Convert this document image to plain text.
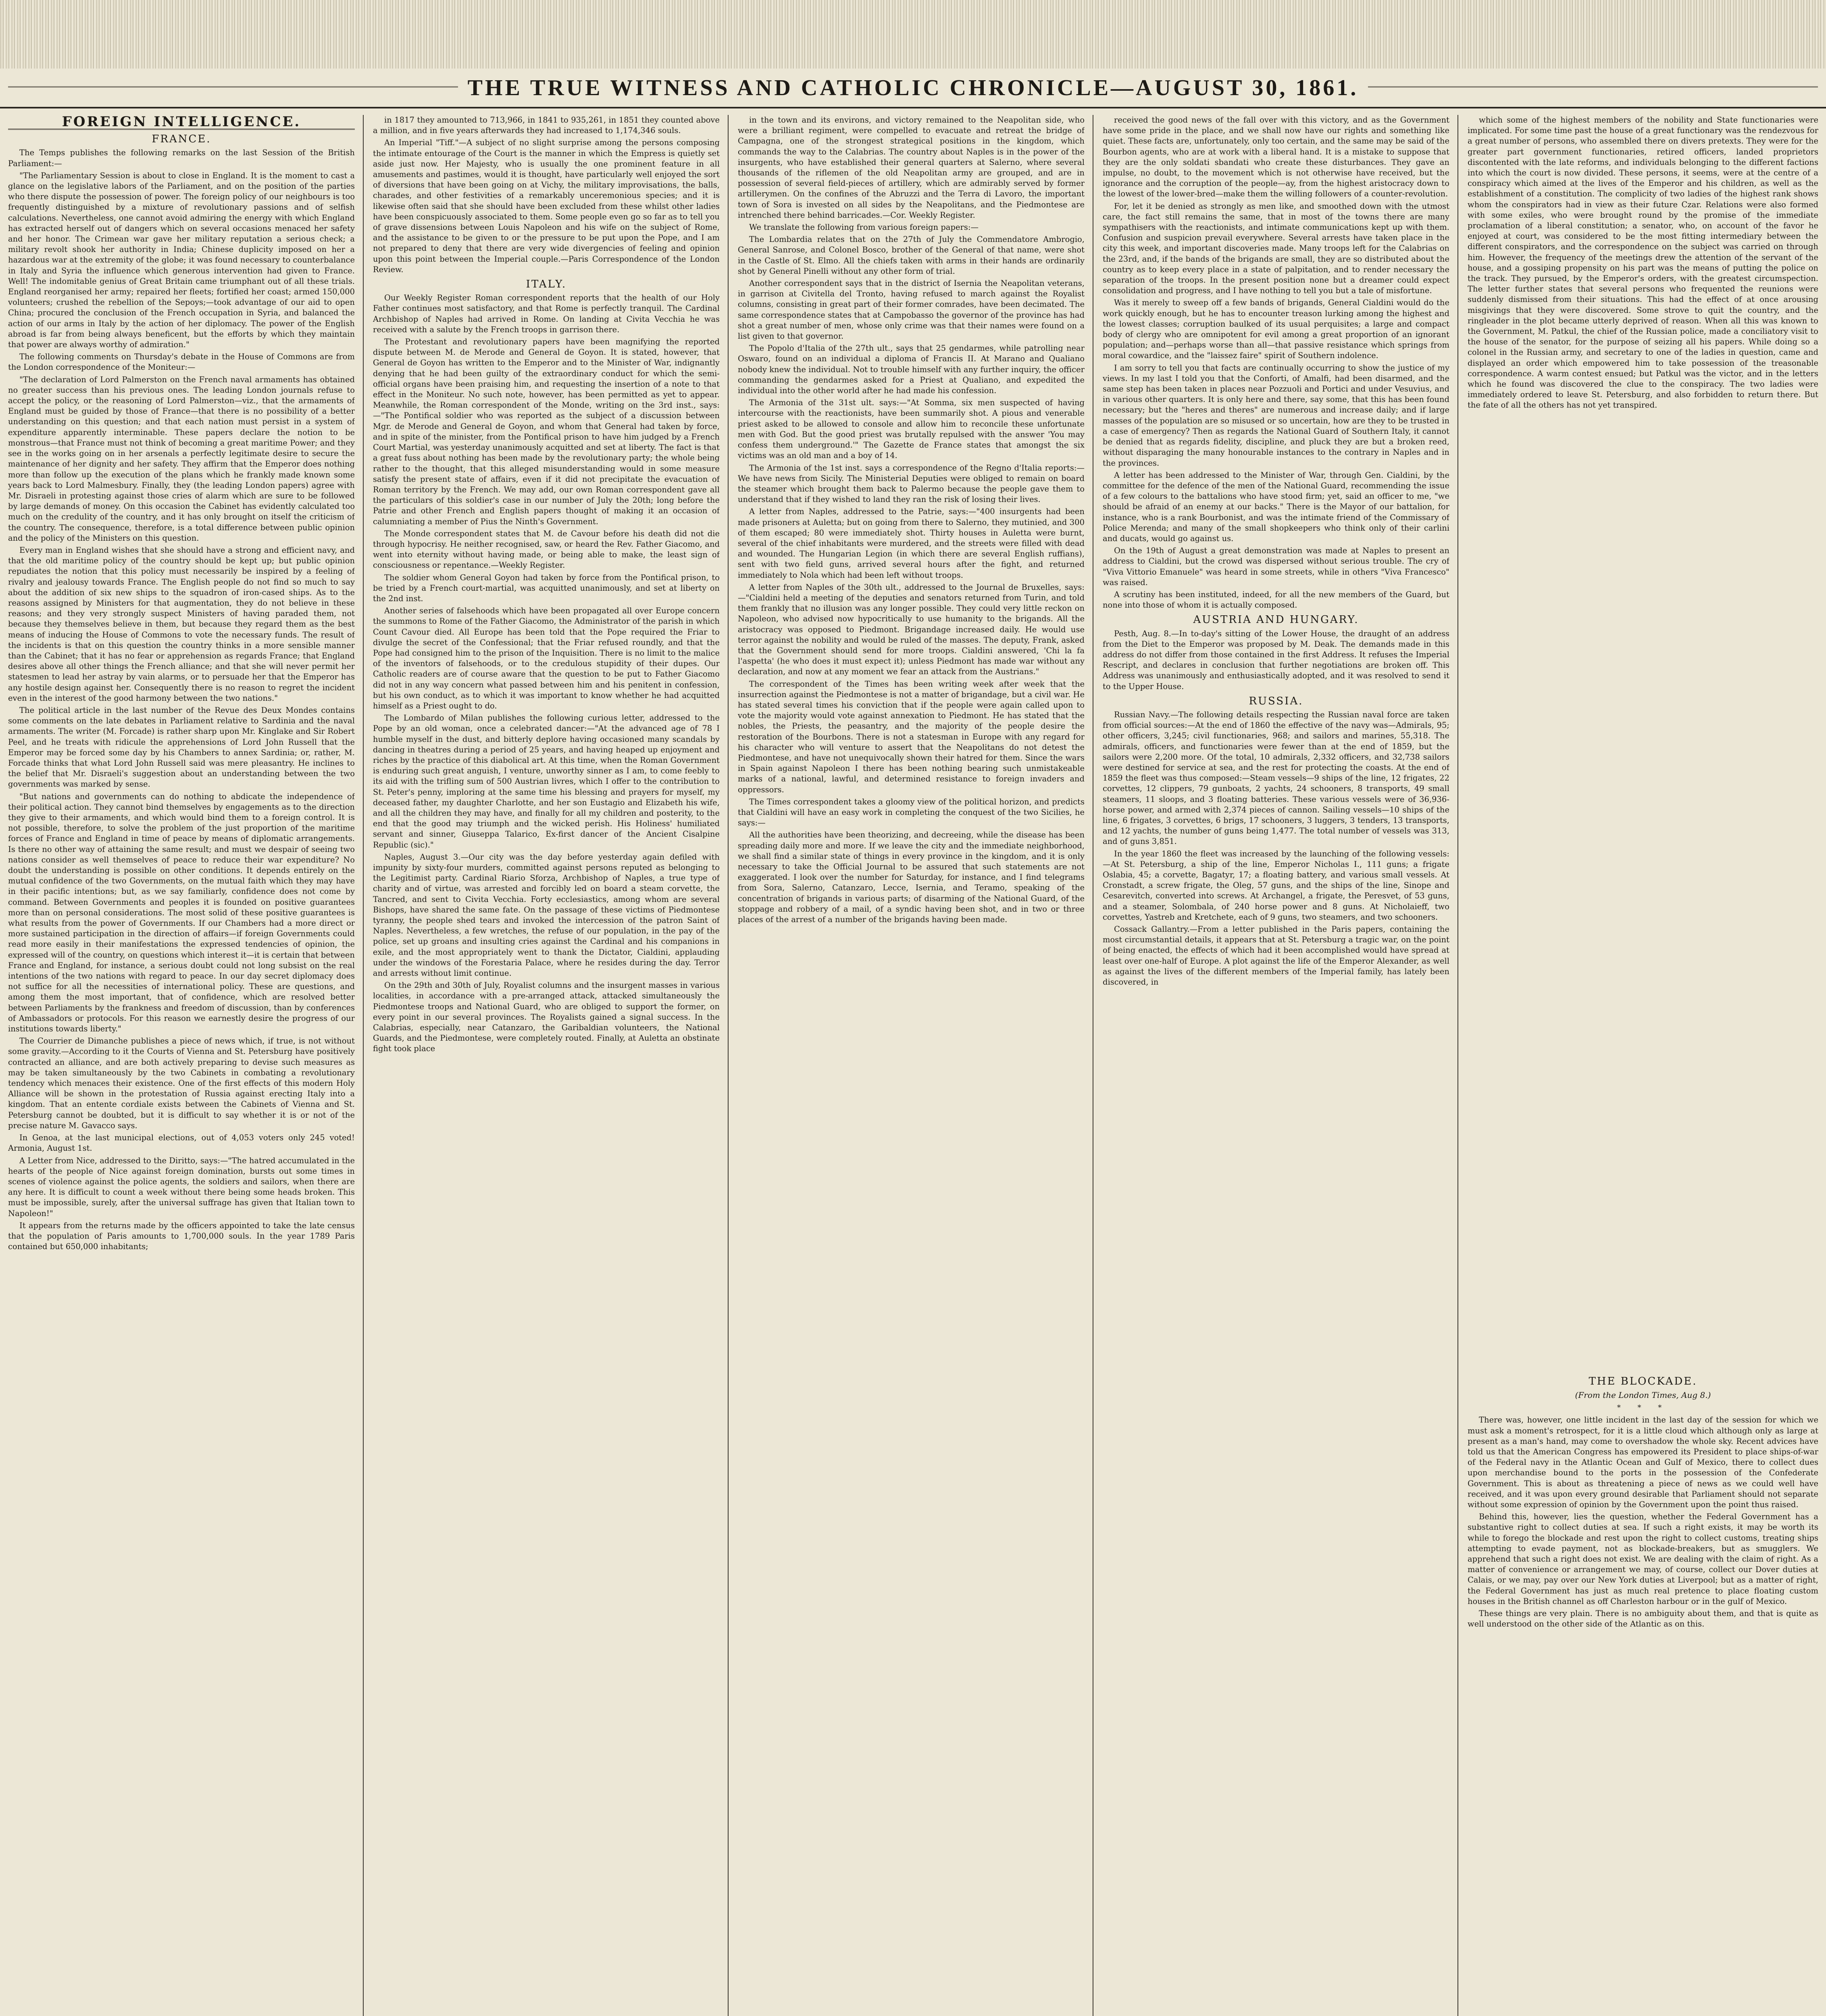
THE TRUE WITNESS AND CATHOLIC CHRONICLE—AUGUST 30, 1861.
FOREIGN INTELLIGENCE.
FRANCE.

The Temps publishes the following remarks on the last Session of the British Parliament:—

"The Parliamentary Session is about to close in England. It is the moment to cast a glance on the legislative labors of the Parliament, and on the position of the parties who there dispute the possession of power. The foreign policy of our neighbours is too frequently distinguished by a mixture of revolutionary passions and of selfish calculations. Nevertheless, one cannot avoid admiring the energy with which England has extracted herself out of dangers which on several occasions menaced her safety and her honor. The Crimean war gave her military reputation a serious check; a military revolt shook her authority in India; Chinese duplicity imposed on her a hazardous war at the extremity of the globe; it was found necessary to counterbalance in Italy and Syria the influence which generous intervention had given to France. Well! The indomitable genius of Great Britain came triumphant out of all these trials. England reorganised her army; repaired her fleets; fortified her coast; armed 150,000 volunteers; crushed the rebellion of the Sepoys;—took advantage of our aid to open China; procured the conclusion of the French occupation in Syria, and balanced the action of our arms in Italy by the action of her diplomacy. The power of the English abroad is far from being always beneficent, but the efforts by which they maintain that power are always worthy of admiration."

The following comments on Thursday's debate in the House of Commons are from the London correspondence of the Moniteur:—

"The declaration of Lord Palmerston on the French naval armaments has obtained no greater success than his previous ones. The leading London journals refuse to accept the policy, or the reasoning of Lord Palmerston—viz., that the armaments of England must be guided by those of France—that there is no possibility of a better understanding on this question; and that each nation must persist in a system of expenditure apparently interminable. These papers declare the notion to be monstrous—that France must not think of becoming a great maritime Power; and they see in the works going on in her arsenals a perfectly legitimate desire to secure the maintenance of her dignity and her safety. They affirm that the Emperor does nothing more than follow up the execution of the plans which he frankly made known some years back to Lord Malmesbury. Finally, they (the leading London papers) agree with Mr. Disraeli in protesting against those cries of alarm which are sure to be followed by large demands of money. On this occasion the Cabinet has evidently calculated too much on the credulity of the country, and it has only brought on itself the criticism of the country. The consequence, therefore, is a total difference between public opinion and the policy of the Ministers on this question.

Every man in England wishes that she should have a strong and efficient navy, and that the old maritime policy of the country should be kept up; but public opinion repudiates the notion that this policy must necessarily be inspired by a feeling of rivalry and jealousy towards France. The English people do not find so much to say about the addition of six new ships to the squadron of iron-cased ships. As to the reasons assigned by Ministers for that augmentation, they do not believe in these reasons; and they very strongly suspect Ministers of having paraded them, not because they themselves believe in them, but because they regard them as the best means of inducing the House of Commons to vote the necessary funds. The result of the incidents is that on this question the country thinks in a more sensible manner than the Cabinet; that it has no fear or apprehension as regards France; that England desires above all other things the French alliance; and that she will never permit her statesmen to lead her astray by vain alarms, or to persuade her that the Emperor has any hostile design against her. Consequently there is no reason to regret the incident even in the interest of the good harmony between the two nations."

The political article in the last number of the Revue des Deux Mondes contains some comments on the late debates in Parliament relative to Sardinia and the naval armaments. The writer (M. Forcade) is rather sharp upon Mr. Kinglake and Sir Robert Peel, and he treats with ridicule the apprehensions of Lord John Russell that the Emperor may be forced some day by his Chambers to annex Sardinia; or, rather, M. Forcade thinks that what Lord John Russell said was mere pleasantry. He inclines to the belief that Mr. Disraeli's suggestion about an understanding between the two governments was marked by sense.

"But nations and governments can do nothing to abdicate the independence of their political action. They cannot bind themselves by engagements as to the direction they give to their armaments, and which would bind them to a foreign control. It is not possible, therefore, to solve the problem of the just proportion of the maritime forces of France and England in time of peace by means of diplomatic arrangements. Is there no other way of attaining the same result; and must we despair of seeing two nations consider as well themselves of peace to reduce their war expenditure? No doubt the understanding is possible on other conditions. It depends entirely on the mutual confidence of the two Governments, on the mutual faith which they may have in their pacific intentions; but, as we say familiarly, confidence does not come by command. Between Governments and peoples it is founded on positive guarantees more than on personal considerations. The most solid of these positive guarantees is what results from the power of Governments. If our Chambers had a more direct or more sustained participation in the direction of affairs—if foreign Governments could read more easily in their manifestations the expressed tendencies of opinion, the expressed will of the country, on questions which interest it—it is certain that between France and England, for instance, a serious doubt could not long subsist on the real intentions of the two nations with regard to peace. In our day secret diplomacy does not suffice for all the necessities of international policy. These are questions, and among them the most important, that of confidence, which are resolved better between Parliaments by the frankness and freedom of discussion, than by conferences of Ambassadors or protocols. For this reason we earnestly desire the progress of our institutions towards liberty."

The Courrier de Dimanche publishes a piece of news which, if true, is not without some gravity.—According to it the Courts of Vienna and St. Petersburg have positively contracted an alliance, and are both actively preparing to devise such measures as may be taken simultaneously by the two Cabinets in combating a revolutionary tendency which menaces their existence. One of the first effects of this modern Holy Alliance will be shown in the protestation of Russia against erecting Italy into a kingdom. That an entente cordiale exists between the Cabinets of Vienna and St. Petersburg cannot be doubted, but it is difficult to say whether it is or not of the precise nature M. Gavacco says.

In Genoa, at the last municipal elections, out of 4,053 voters only 245 voted! Armonia, August 1st.

A Letter from Nice, addressed to the Diritto, says:—"The hatred accumulated in the hearts of the people of Nice against foreign domination, bursts out some times in scenes of violence against the police agents, the soldiers and sailors, when there are any here. It is difficult to count a week without there being some heads broken. This must be impossible, surely, after the universal suffrage has given that Italian town to Napoleon!"

It appears from the returns made by the officers appointed to take the late census that the population of Paris amounts to 1,700,000 souls. In the year 1789 Paris contained but 650,000 inhabitants;

in 1817 they amounted to 713,966, in 1841 to 935,261, in 1851 they counted above a million, and in five years afterwards they had increased to 1,174,346 souls.

An Imperial "Tiff."—A subject of no slight surprise among the persons composing the intimate entourage of the Court is the manner in which the Empress is quietly set aside just now. Her Majesty, who is usually the one prominent feature in all amusements and pastimes, would it is thought, have particularly well enjoyed the sort of diversions that have been going on at Vichy, the military improvisations, the balls, charades, and other festivities of a remarkably unceremonious species; and it is likewise often said that she should have been excluded from these whilst other ladies have been conspicuously associated to them. Some people even go so far as to tell you of grave dissensions between Louis Napoleon and his wife on the subject of Rome, and the assistance to be given to or the pressure to be put upon the Pope, and I am not prepared to deny that there are very wide divergencies of feeling and opinion upon this point between the Imperial couple.—Paris Correspondence of the London Review.

ITALY.

Our Weekly Register Roman correspondent reports that the health of our Holy Father continues most satisfactory, and that Rome is perfectly tranquil. The Cardinal Archbishop of Naples had arrived in Rome. On landing at Civita Vecchia he was received with a salute by the French troops in garrison there.

The Protestant and revolutionary papers have been magnifying the reported dispute between M. de Merode and General de Goyon. It is stated, however, that General de Goyon has written to the Emperor and to the Minister of War, indignantly denying that he had been guilty of the extraordinary conduct for which the semi-official organs have been praising him, and requesting the insertion of a note to that effect in the Moniteur. No such note, however, has been permitted as yet to appear. Meanwhile, the Roman correspondent of the Monde, writing on the 3rd inst., says:—"The Pontifical soldier who was reported as the subject of a discussion between Mgr. de Merode and General de Goyon, and whom that General had taken by force, and in spite of the minister, from the Pontifical prison to have him judged by a French Court Martial, was yesterday unanimously acquitted and set at liberty. The fact is that a great fuss about nothing has been made by the revolutionary party; the whole being rather to the thought, that this alleged misunderstanding would in some measure satisfy the present state of affairs, even if it did not precipitate the evacuation of Roman territory by the French. We may add, our own Roman correspondent gave all the particulars of this soldier's case in our number of July the 20th; long before the Patrie and other French and English papers thought of making it an occasion of calumniating a member of Pius the Ninth's Government.

The Monde correspondent states that M. de Cavour before his death did not die through hypocrisy. He neither recognised, saw, or heard the Rev. Father Giacomo, and went into eternity without having made, or being able to make, the least sign of consciousness or repentance.—Weekly Register.

The soldier whom General Goyon had taken by force from the Pontifical prison, to be tried by a French court-martial, was acquitted unanimously, and set at liberty on the 2nd inst.

Another series of falsehoods which have been propagated all over Europe concern the summons to Rome of the Father Giacomo, the Administrator of the parish in which Count Cavour died. All Europe has been told that the Pope required the Friar to divulge the secret of the Confessional; that the Friar refused roundly, and that the Pope had consigned him to the prison of the Inquisition. There is no limit to the malice of the inventors of falsehoods, or to the credulous stupidity of their dupes. Our Catholic readers are of course aware that the question to be put to Father Giacomo did not in any way concern what passed between him and his penitent in confession, but his own conduct, as to which it was important to know whether he had acquitted himself as a Priest ought to do.

The Lombardo of Milan publishes the following curious letter, addressed to the Pope by an old woman, once a celebrated dancer:—"At the advanced age of 78 I humble myself in the dust, and bitterly deplore having occasioned many scandals by dancing in theatres during a period of 25 years, and having heaped up enjoyment and riches by the practice of this diabolical art. At this time, when the Roman Government is enduring such great anguish, I venture, unworthy sinner as I am, to come feebly to its aid with the trifling sum of 500 Austrian livres, which I offer to the contribution to St. Peter's penny, imploring at the same time his blessing and prayers for myself, my deceased father, my daughter Charlotte, and her son Eustagio and Elizabeth his wife, and all the children they may have, and finally for all my children and posterity, to the end that the good may triumph and the wicked perish. His Holiness' humiliated servant and sinner, Giuseppa Talarico, Ex-first dancer of the Ancient Cisalpine Republic (sic)."

Naples, August 3.—Our city was the day before yesterday again defiled with impunity by sixty-four murders, committed against persons reputed as belonging to the Legitimist party. Cardinal Riario Sforza, Archbishop of Naples, a true type of charity and of virtue, was arrested and forcibly led on board a steam corvette, the Tancred, and sent to Civita Vecchia. Forty ecclesiastics, among whom are several Bishops, have shared the same fate. On the passage of these victims of Piedmontese tyranny, the people shed tears and invoked the intercession of the patron Saint of Naples. Nevertheless, a few wretches, the refuse of our population, in the pay of the police, set up groans and insulting cries against the Cardinal and his companions in exile, and the most appropriately went to thank the Dictator, Cialdini, applauding under the windows of the Forestaria Palace, where he resides during the day. Terror and arrests without limit continue.

On the 29th and 30th of July, Royalist columns and the insurgent masses in various localities, in accordance with a pre-arranged attack, attacked simultaneously the Piedmontese troops and National Guard, who are obliged to support the former, on every point in our several provinces. The Royalists gained a signal success. In the Calabrias, especially, near Catanzaro, the Garibaldian volunteers, the National Guards, and the Piedmontese, were completely routed. Finally, at Auletta an obstinate fight took place

in the town and its environs, and victory remained to the Neapolitan side, who were a brilliant regiment, were compelled to evacuate and retreat the bridge of Campagna, one of the strongest strategical positions in the kingdom, which commands the way to the Calabrias. The country about Naples is in the power of the insurgents, who have established their general quarters at Salerno, where several thousands of the riflemen of the old Neapolitan army are grouped, and are in possession of several field-pieces of artillery, which are admirably served by former artillerymen. On the confines of the Abruzzi and the Terra di Lavoro, the important town of Sora is invested on all sides by the Neapolitans, and the Piedmontese are intrenched there behind barricades.—Cor. Weekly Register.

We translate the following from various foreign papers:—

The Lombardia relates that on the 27th of July the Commendatore Ambrogio, General Sanrose, and Colonel Bosco, brother of the General of that name, were shot in the Castle of St. Elmo. All the chiefs taken with arms in their hands are ordinarily shot by General Pinelli without any other form of trial.

Another correspondent says that in the district of Isernia the Neapolitan veterans, in garrison at Civitella del Tronto, having refused to march against the Royalist columns, consisting in great part of their former comrades, have been decimated. The same correspondence states that at Campobasso the governor of the province has had shot a great number of men, whose only crime was that their names were found on a list given to that governor.

The Popolo d'Italia of the 27th ult., says that 25 gendarmes, while patrolling near Oswaro, found on an individual a diploma of Francis II. At Marano and Qualiano nobody knew the individual. Not to trouble himself with any further inquiry, the officer commanding the gendarmes asked for a Priest at Qualiano, and expedited the individual into the other world after he had made his confession.

The Armonia of the 31st ult. says:—"At Somma, six men suspected of having intercourse with the reactionists, have been summarily shot. A pious and venerable priest asked to be allowed to console and allow him to reconcile these unfortunate men with God. But the good priest was brutally repulsed with the answer 'You may confess them underground.'" The Gazette de France states that amongst the six victims was an old man and a boy of 14.

The Armonia of the 1st inst. says a correspondence of the Regno d'Italia reports:—We have news from Sicily. The Ministerial Deputies were obliged to remain on board the steamer which brought them back to Palermo because the people gave them to understand that if they wished to land they ran the risk of losing their lives.

A letter from Naples, addressed to the Patrie, says:—"400 insurgents had been made prisoners at Auletta; but on going from there to Salerno, they mutinied, and 300 of them escaped; 80 were immediately shot. Thirty houses in Auletta were burnt, several of the chief inhabitants were murdered, and the streets were filled with dead and wounded. The Hungarian Legion (in which there are several English ruffians), sent with two field guns, arrived several hours after the fight, and returned immediately to Nola which had been left without troops.

A letter from Naples of the 30th ult., addressed to the Journal de Bruxelles, says:—"Cialdini held a meeting of the deputies and senators returned from Turin, and told them frankly that no illusion was any longer possible. They could very little reckon on Napoleon, who advised now hypocritically to use humanity to the brigands. All the aristocracy was opposed to Piedmont. Brigandage increased daily. He would use terror against the nobility and would be ruled of the masses. The deputy, Frank, asked that the Government should send for more troops. Cialdini answered, 'Chi la fa l'aspetta' (he who does it must expect it); unless Piedmont has made war without any declaration, and now at any moment we fear an attack from the Austrians."

The correspondent of the Times has been writing week after week that the insurrection against the Piedmontese is not a matter of brigandage, but a civil war. He has stated several times his conviction that if the people were again called upon to vote the majority would vote against annexation to Piedmont. He has stated that the nobles, the Priests, the peasantry, and the majority of the people desire the restoration of the Bourbons. There is not a statesman in Europe with any regard for his character who will venture to assert that the Neapolitans do not detest the Piedmontese, and have not unequivocally shown their hatred for them. Since the wars in Spain against Napoleon I there has been nothing bearing such unmistakeable marks of a national, lawful, and determined resistance to foreign invaders and oppressors.

The Times correspondent takes a gloomy view of the political horizon, and predicts that Cialdini will have an easy work in completing the conquest of the two Sicilies, he says:—

All the authorities have been theorizing, and decreeing, while the disease has been spreading daily more and more. If we leave the city and the immediate neighborhood, we shall find a similar state of things in every province in the kingdom, and it is only necessary to take the Official Journal to be assured that such statements are not exaggerated. I look over the number for Saturday, for instance, and I find telegrams from Sora, Salerno, Catanzaro, Lecce, Isernia, and Teramo, speaking of the concentration of brigands in various parts; of disarming of the National Guard, of the stoppage and robbery of a mail, of a syndic having been shot, and in two or three places of the arrest of a number of the brigands having been made.

received the good news of the fall over with this victory, and as the Government have some pride in the place, and we shall now have our rights and something like quiet. These facts are, unfortunately, only too certain, and the same may be said of the Bourbon agents, who are at work with a liberal hand. It is a mistake to suppose that they are the only soldati sbandati who create these disturbances. They gave an impulse, no doubt, to the movement which is not otherwise have received, but the ignorance and the corruption of the people—ay, from the highest aristocracy down to the lowest of the lower-bred—make them the willing followers of a counter-revolution.

For, let it be denied as strongly as men like, and smoothed down with the utmost care, the fact still remains the same, that in most of the towns there are many sympathisers with the reactionists, and intimate communications kept up with them. Confusion and suspicion prevail everywhere. Several arrests have taken place in the city this week, and important discoveries made. Many troops left for the Calabrias on the 23rd, and, if the bands of the brigands are small, they are so distributed about the country as to keep every place in a state of palpitation, and to render necessary the separation of the troops. In the present position none but a dreamer could expect consolidation and progress, and I have nothing to tell you but a tale of misfortune.

Was it merely to sweep off a few bands of brigands, General Cialdini would do the work quickly enough, but he has to encounter treason lurking among the highest and the lowest classes; corruption baulked of its usual perquisites; a large and compact body of clergy who are omnipotent for evil among a great proportion of an ignorant population; and—perhaps worse than all—that passive resistance which springs from moral cowardice, and the "laissez faire" spirit of Southern indolence.

I am sorry to tell you that facts are continually occurring to show the justice of my views. In my last I told you that the Conforti, of Amalfi, had been disarmed, and the same step has been taken in places near Pozzuoli and Portici and under Vesuvius, and in various other quarters. It is only here and there, say some, that this has been found necessary; but the "heres and theres" are numerous and increase daily; and if large masses of the population are so misused or so uncertain, how are they to be trusted in a case of emergency? Then as regards the National Guard of Southern Italy, it cannot be denied that as regards fidelity, discipline, and pluck they are but a broken reed, without disparaging the many honourable instances to the contrary in Naples and in the provinces.

A letter has been addressed to the Minister of War, through Gen. Cialdini, by the committee for the defence of the men of the National Guard, recommending the issue of a few colours to the battalions who have stood firm; yet, said an officer to me, "we should be afraid of an enemy at our backs." There is the Mayor of our battalion, for instance, who is a rank Bourbonist, and was the intimate friend of the Commissary of Police Merenda; and many of the small shopkeepers who think only of their carlini and ducats, would go against us.

On the 19th of August a great demonstration was made at Naples to present an address to Cialdini, but the crowd was dispersed without serious trouble. The cry of "Viva Vittorio Emanuele" was heard in some streets, while in others "Viva Francesco" was raised.

A scrutiny has been instituted, indeed, for all the new members of the Guard, but none into those of whom it is actually composed.

AUSTRIA AND HUNGARY.

Pesth, Aug. 8.—In to-day's sitting of the Lower House, the draught of an address from the Diet to the Emperor was proposed by M. Deak. The demands made in this address do not differ from those contained in the first Address. It refuses the Imperial Rescript, and declares in conclusion that further negotiations are broken off. This Address was unanimously and enthusiastically adopted, and it was resolved to send it to the Upper House.

RUSSIA.

Russian Navy.—The following details respecting the Russian naval force are taken from official sources:—At the end of 1860 the effective of the navy was—Admirals, 95; other officers, 3,245; civil functionaries, 968; and sailors and marines, 55,318. The admirals, officers, and functionaries were fewer than at the end of 1859, but the sailors were 2,200 more. Of the total, 10 admirals, 2,332 officers, and 32,738 sailors were destined for service at sea, and the rest for protecting the coasts. At the end of 1859 the fleet was thus composed:—Steam vessels—9 ships of the line, 12 frigates, 22 corvettes, 12 clippers, 79 gunboats, 2 yachts, 24 schooners, 8 transports, 49 small steamers, 11 sloops, and 3 floating batteries. These various vessels were of 36,936-horse power, and armed with 2,374 pieces of cannon. Sailing vessels—10 ships of the line, 6 frigates, 3 corvettes, 6 brigs, 17 schooners, 3 luggers, 3 tenders, 13 transports, and 12 yachts, the number of guns being 1,477. The total number of vessels was 313, and of guns 3,851.

In the year 1860 the fleet was increased by the launching of the following vessels:—At St. Petersburg, a ship of the line, Emperor Nicholas I., 111 guns; a frigate Oslabia, 45; a corvette, Bagatyr, 17; a floating battery, and various small vessels. At Cronstadt, a screw frigate, the Oleg, 57 guns, and the ships of the line, Sinope and Cesarevitch, converted into screws. At Archangel, a frigate, the Peresvet, of 53 guns, and a steamer, Solombala, of 240 horse power and 8 guns. At Nicholaieff, two corvettes, Yastreb and Kretchete, each of 9 guns, two steamers, and two schooners.

Cossack Gallantry.—From a letter published in the Paris papers, containing the most circumstantial details, it appears that at St. Petersburg a tragic war, on the point of being enacted, the effects of which had it been accomplished would have spread at least over one-half of Europe. A plot against the life of the Emperor Alexander, as well as against the lives of the different members of the Imperial family, has lately been discovered, in

which some of the highest members of the nobility and State functionaries were implicated. For some time past the house of a great functionary was the rendezvous for a great number of persons, who assembled there on divers pretexts. They were for the greater part government functionaries, retired officers, landed proprietors discontented with the late reforms, and individuals belonging to the different factions into which the court is now divided. These persons, it seems, were at the centre of a conspiracy which aimed at the lives of the Emperor and his children, as well as the establishment of a constitution. The complicity of two ladies of the highest rank shows whom the conspirators had in view as their future Czar. Relations were also formed with some exiles, who were brought round by the promise of the immediate proclamation of a liberal constitution; a senator, who, on account of the favor he enjoyed at court, was considered to be the most fitting intermediary between the different conspirators, and the correspondence on the subject was carried on through him. However, the frequency of the meetings drew the attention of the servant of the house, and a gossiping propensity on his part was the means of putting the police on the track. They pursued, by the Emperor's orders, with the greatest circumspection. The letter further states that several persons who frequented the reunions were suddenly dismissed from their situations. This had the effect of at once arousing misgivings that they were discovered. Some strove to quit the country, and the ringleader in the plot became utterly deprived of reason. When all this was known to the Government, M. Patkul, the chief of the Russian police, made a conciliatory visit to the house of the senator, for the purpose of seizing all his papers. While doing so a colonel in the Russian army, and secretary to one of the ladies in question, came and displayed an order which empowered him to take possession of the treasonable correspondence. A warm contest ensued; but Patkul was the victor, and in the letters which he found was discovered the clue to the conspiracy. The two ladies were immediately ordered to leave St. Petersburg, and also forbidden to return there. But the fate of all the others has not yet transpired.

THE BLOCKADE.
(From the London Times, Aug 8.)
* * *

There was, however, one little incident in the last day of the session for which we must ask a moment's retrospect, for it is a little cloud which although only as large at present as a man's hand, may come to overshadow the whole sky. Recent advices have told us that the American Congress has empowered its President to place ships-of-war of the Federal navy in the Atlantic Ocean and Gulf of Mexico, there to collect dues upon merchandise bound to the ports in the possession of the Confederate Government. This is about as threatening a piece of news as we could well have received, and it was upon every ground desirable that Parliament should not separate without some expression of opinion by the Government upon the point thus raised.

Behind this, however, lies the question, whether the Federal Government has a substantive right to collect duties at sea. If such a right exists, it may be worth its while to forego the blockade and rest upon the right to collect customs, treating ships attempting to evade payment, not as blockade-breakers, but as smugglers. We apprehend that such a right does not exist. We are dealing with the claim of right. As a matter of convenience or arrangement we may, of course, collect our Dover duties at Calais, or we may, pay over our New York duties at Liverpool; but as a matter of right, the Federal Government has just as much real pretence to place floating custom houses in the British channel as off Charleston harbour or in the gulf of Mexico.

These things are very plain. There is no ambiguity about them, and that is quite as well understood on the other side of the Atlantic as on this.
